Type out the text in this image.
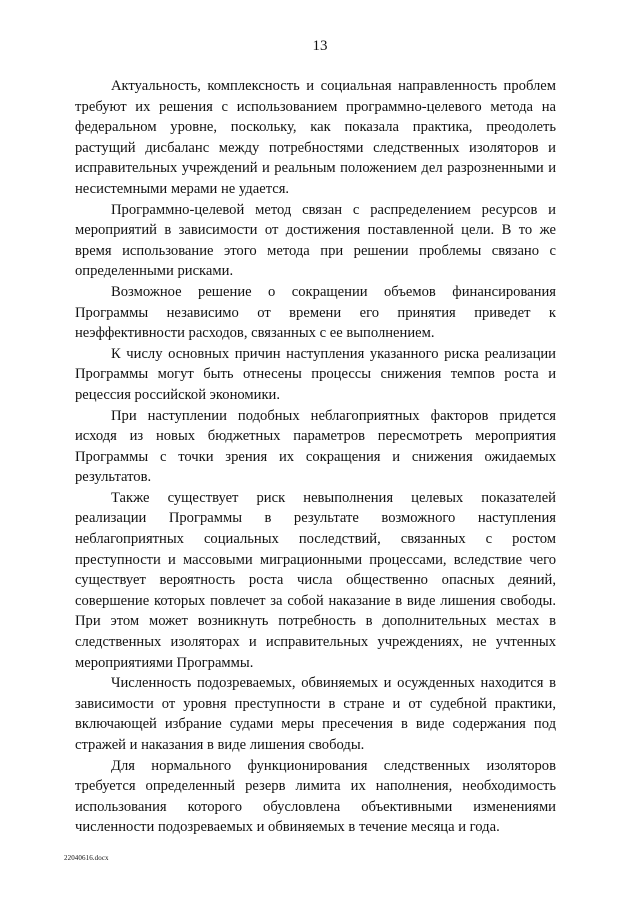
13

Актуальность, комплексность и социальная направленность проблем требуют их решения с использованием программно-целевого метода на федеральном уровне, поскольку, как показала практика, преодолеть растущий дисбаланс между потребностями следственных изоляторов и исправительных учреждений и реальным положением дел разрозненными и несистемными мерами не удается.

Программно-целевой метод связан с распределением ресурсов и мероприятий в зависимости от достижения поставленной цели. В то же время использование этого метода при решении проблемы связано с определенными рисками.

Возможное решение о сокращении объемов финансирования Программы независимо от времени его принятия приведет к неэффективности расходов, связанных с ее выполнением.

К числу основных причин наступления указанного риска реализации Программы могут быть отнесены процессы снижения темпов роста и рецессия российской экономики.

При наступлении подобных неблагоприятных факторов придется исходя из новых бюджетных параметров пересмотреть мероприятия Программы с точки зрения их сокращения и снижения ожидаемых результатов.

Также существует риск невыполнения целевых показателей реализации Программы в результате возможного наступления неблагоприятных социальных последствий, связанных с ростом преступности и массовыми миграционными процессами, вследствие чего существует вероятность роста числа общественно опасных деяний, совершение которых повлечет за собой наказание в виде лишения свободы. При этом может возникнуть потребность в дополнительных местах в следственных изоляторах и исправительных учреждениях, не учтенных мероприятиями Программы.

Численность подозреваемых, обвиняемых и осужденных находится в зависимости от уровня преступности в стране и от судебной практики, включающей избрание судами меры пресечения в виде содержания под стражей и наказания в виде лишения свободы.

Для нормального функционирования следственных изоляторов требуется определенный резерв лимита их наполнения, необходимость использования которого обусловлена объективными изменениями численности подозреваемых и обвиняемых в течение месяца и года.

22040616.docx
